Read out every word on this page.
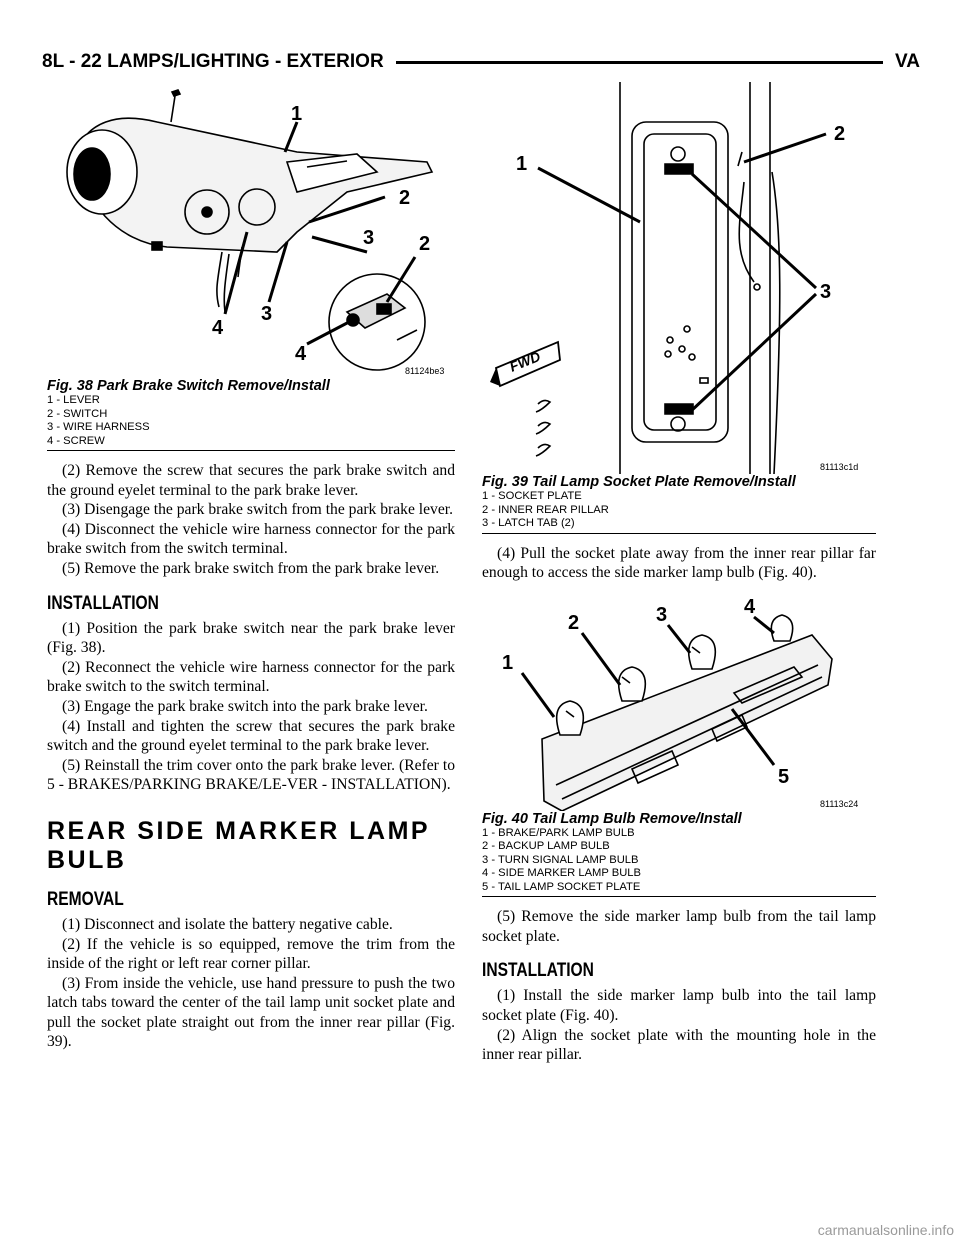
8L - 22 LAMPS/LIGHTING - EXTERIOR	VA
1
2
3 2
3
4
4
81124be3

Fig. 38 Park Brake Switch Remove/Install

1 - LEVER
2 - SWITCH
3 - WIRE HARNESS
4 - SCREW

(2) Remove the screw that secures the park brake switch and the ground eyelet terminal to the park brake lever.

(3) Disengage the park brake switch from the park brake lever.

(4) Disconnect the vehicle wire harness connector for the park brake switch from the switch terminal.

(5) Remove the park brake switch from the park brake lever.

INSTALLATION

(1) Position the park brake switch near the park brake lever (Fig. 38).

(2) Reconnect the vehicle wire harness connector for the park brake switch to the switch terminal.

(3) Engage the park brake switch into the park brake lever.

(4) Install and tighten the screw that secures the park brake switch and the ground eyelet terminal to the park brake lever.

(5) Reinstall the trim cover onto the park brake lever. (Refer to 5 - BRAKES/PARKING BRAKE/LE-VER - INSTALLATION).

REAR SIDE MARKER LAMP BULB
REMOVAL

(1) Disconnect and isolate the battery negative cable.

(2) If the vehicle is so equipped, remove the trim from the inside of the right or left rear corner pillar.

(3) From inside the vehicle, use hand pressure to push the two latch tabs toward the center of the tail lamp unit socket plate and pull the socket plate straight out from the inner rear pillar (Fig. 39).

FWD
1
2
3
81113c1d

Fig. 39 Tail Lamp Socket Plate Remove/Install

1 - SOCKET PLATE
2 - INNER REAR PILLAR
3 - LATCH TAB (2)

(4) Pull the socket plate away from the inner rear pillar far enough to access the side marker lamp bulb (Fig. 40).

1
2	3	4
5
81113c24

Fig. 40 Tail Lamp Bulb Remove/Install

1 - BRAKE/PARK LAMP BULB
2 - BACKUP LAMP BULB
3 - TURN SIGNAL LAMP BULB
4 - SIDE MARKER LAMP BULB
5 - TAIL LAMP SOCKET PLATE

(5) Remove the side marker lamp bulb from the tail lamp socket plate.

INSTALLATION

(1) Install the side marker lamp bulb into the tail lamp socket plate (Fig. 40).

(2) Align the socket plate with the mounting hole in the inner rear pillar.

carmanualsonline.info
